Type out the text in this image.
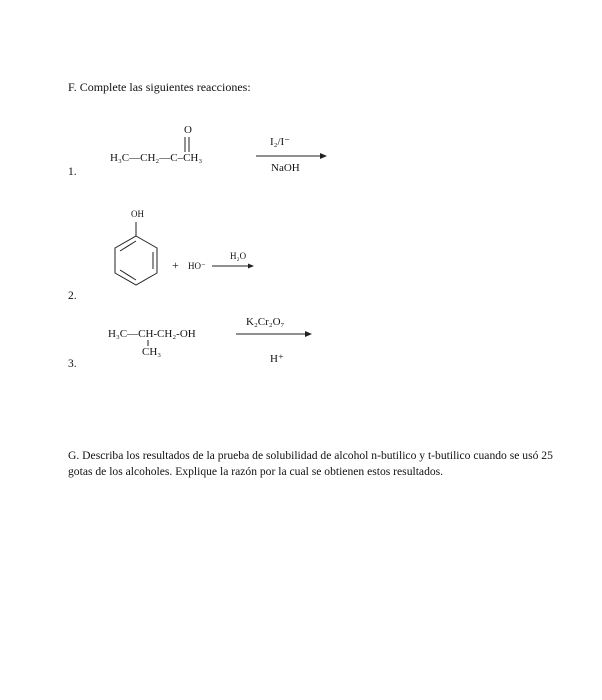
F. Complete las siguientes reacciones:
1.
O
H₃C—CH₂—C–CH₃
I₂/I⁻
NaOH
OH
+ HO⁻
H₂O
2.
H₃C—CH-CH₂-OH
CH₃
K₂Cr₂O₇
H⁺
3.
G. Describa los resultados de la prueba de solubilidad de alcohol n-butilico y t-butilico cuando se usó 25 gotas de los alcoholes. Explique la razón por la cual se obtienen estos resultados.
